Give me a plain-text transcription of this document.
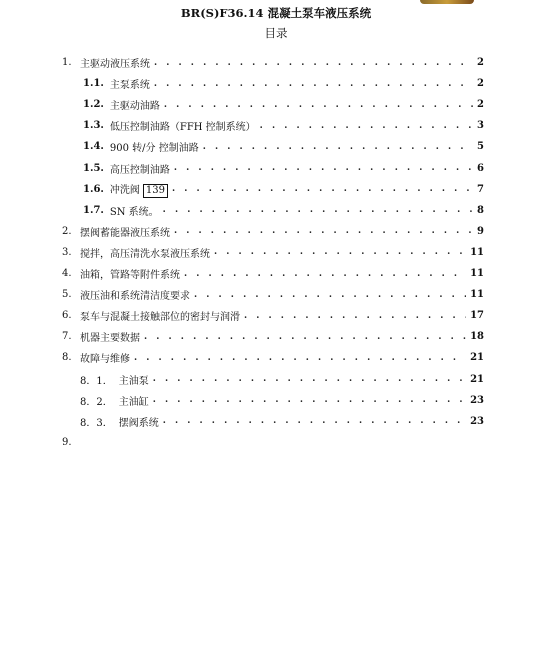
BR(S)F36.14 混凝土泵车液压系统
目录
1. 主驱动液压系统 . . .	2
1.1. 主泵系统 . . .	2
1.2. 主驱动油路 . . .	2
1.3. 低压控制油路（FFH 控制系统） . . .	3
1.4. 900 转/分 控制油路 . . .	5
1.5. 高压控制油路 . . .	6
1.6. 冲洗阀 139 . . .	7
1.7. SN 系统。 . . .	8
2. 摆阀蓄能器液压系统 . . .	9
3. 搅拌，高压清洗水泵液压系统 . . .	11
4. 油箱，管路等附件系统 . . .	11
5. 液压油和系统清洁度要求 . . .	11
6. 泵车与混凝土接触部位的密封与润滑 . . .	17
7. 机器主要数据 . . .	18
8. 故障与维修 . . .	21
8．1． 主油泵 . . .	21
8．2． 主油缸 . . .	23
8．3． 摆阀系统 . . .	23
9.
